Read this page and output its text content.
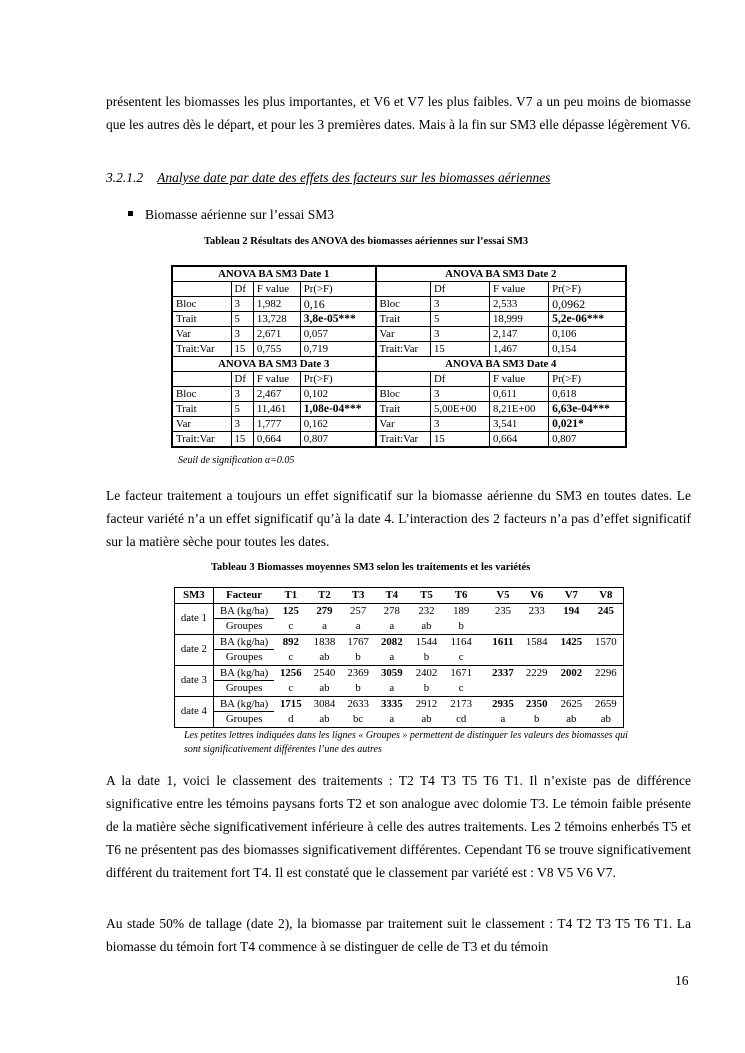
présentent les biomasses les plus importantes, et V6 et V7 les plus faibles. V7 a un peu moins de biomasse que les autres dès le départ, et pour les 3 premières dates. Mais à la fin sur SM3 elle dépasse légèrement V6.

3.2.1.2 Analyse date par date des effets des facteurs sur les biomasses aériennes
Biomasse aérienne sur l’essai SM3
Tableau 2 Résultats des ANOVA des biomasses aériennes sur l’essai SM3
ANOVA BA SM3 Date 1				ANOVA BA SM3 Date 2			
	Df	F value	Pr(>F)		Df	F value	Pr(>F)
Bloc	3	1,982	0,16	Bloc	3	2,533	0,0962
Trait	5	13,728	3,8e-05***	Trait	5	18,999	5,2e-06***
Var	3	2,671	0,057	Var	3	2,147	0,106
Trait:Var	15	0,755	0,719	Trait:Var	15	1,467	0,154
ANOVA BA SM3 Date 3				ANOVA BA SM3 Date 4			
	Df	F value	Pr(>F)		Df	F value	Pr(>F)
Bloc	3	2,467	0,102	Bloc	3	0,611	0,618
Trait	5	11,461	1,08e-04***	Trait	5,00E+00	8,21E+00	6,63e-04***
Var	3	1,777	0,162	Var	3	3,541	0,021*
Trait:Var	15	0,664	0,807	Trait:Var	15	0,664	0,807
Seuil de signification α=0.05

Le facteur traitement a toujours un effet significatif sur la biomasse aérienne du SM3 en toutes dates. Le facteur variété n’a un effet significatif qu’à la date 4. L’interaction des 2 facteurs n’a pas d’effet significatif sur la matière sèche pour toutes les dates.

Tableau 3 Biomasses moyennes SM3 selon les traitements et les variétés
SM3	Facteur	T1	T2	T3	T4	T5	T6	V5	V6	V7	V8
date 1	BA (kg/ha)	125	279	257	278	232	189	235	233	194	245
	Groupes	c	a	a	a	ab	b				
date 2	BA (kg/ha)	892	1838	1767	2082	1544	1164	1611	1584	1425	1570
	Groupes	c	ab	b	a	b	c				
date 3	BA (kg/ha)	1256	2540	2369	3059	2402	1671	2337	2229	2002	2296
	Groupes	c	ab	b	a	b	c				
date 4	BA (kg/ha)	1715	3084	2633	3335	2912	2173	2935	2350	2625	2659
	Groupes	d	ab	bc	a	ab	cd	a	b	ab	ab
Les petites lettres indiquées dans les lignes « Groupes » permettent de distinguer les valeurs des biomasses qui sont significativement différentes l’une des autres

A la date 1, voici le classement des traitements : T2 T4 T3 T5 T6 T1. Il n’existe pas de différence significative entre les témoins paysans forts T2 et son analogue avec dolomie T3. Le témoin faible présente de la matière sèche significativement inférieure à celle des autres traitements. Les 2 témoins enherbés T5 et T6 ne présentent pas des biomasses significativement différentes. Cependant T6 se trouve significativement différent du traitement fort T4. Il est constaté que le classement par variété est : V8 V5 V6 V7.

Au stade 50% de tallage (date 2), la biomasse par traitement suit le classement : T4 T2 T3 T5 T6 T1. La biomasse du témoin fort T4 commence à se distinguer de celle de T3 et du témoin

16
